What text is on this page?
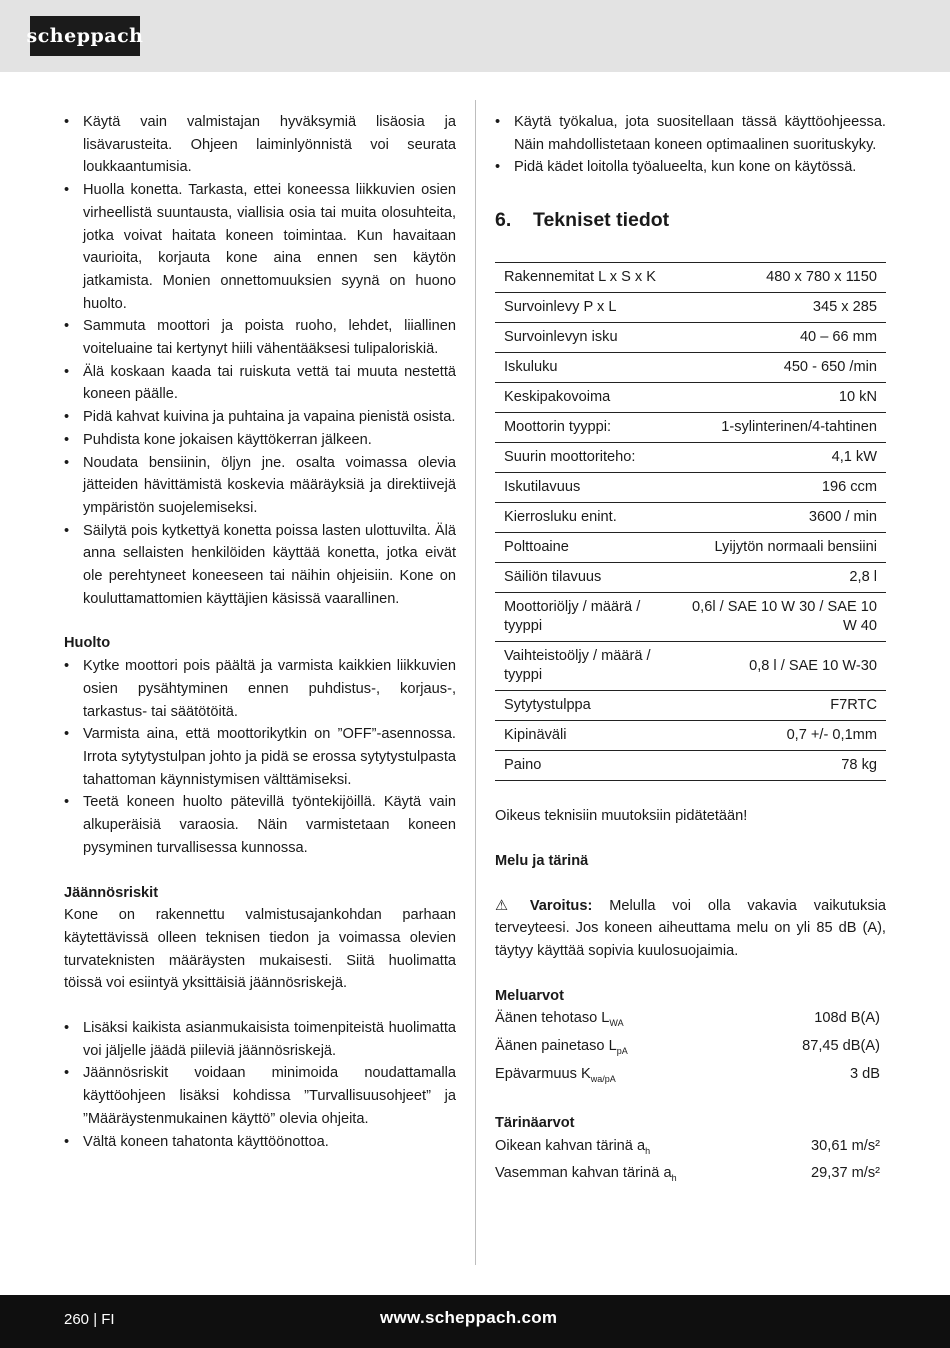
scheppach
• Käytä vain valmistajan hyväksymiä lisäosia ja lisävarusteita. Ohjeen laiminlyönnistä voi seurata loukkaantumisia.
• Huolla konetta. Tarkasta, ettei koneessa liikkuvien osien virheellistä suuntausta, viallisia osia tai muita olosuhteita, jotka voivat haitata koneen toimintaa. Kun havaitaan vaurioita, korjauta kone aina ennen sen käytön jatkamista. Monien onnettomuuksien syynä on huono huolto.
• Sammuta moottori ja poista ruoho, lehdet, liiallinen voiteluaine tai kertynyt hiili vähentääksesi tulipaloriskiä.
• Älä koskaan kaada tai ruiskuta vettä tai muuta nestettä koneen päälle.
• Pidä kahvat kuivina ja puhtaina ja vapaina pienistä osista.
• Puhdista kone jokaisen käyttökerran jälkeen.
• Noudata bensiinin, öljyn jne. osalta voimassa olevia jätteiden hävittämistä koskevia määräyksiä ja direktiivejä ympäristön suojelemiseksi.
• Säilytä pois kytkettyä konetta poissa lasten ulottuvilta. Älä anna sellaisten henkilöiden käyttää konetta, jotka eivät ole perehtyneet koneeseen tai näihin ohjeisiin. Kone on kouluttamattomien käyttäjien käsissä vaarallinen.

Huolto

• Kytke moottori pois päältä ja varmista kaikkien liikkuvien osien pysähtyminen ennen puhdistus-, korjaus-, tarkastus- tai säätötöitä.
• Varmista aina, että moottorikytkin on ”OFF”-asennossa. Irrota sytytystulpan johto ja pidä se erossa sytytystulpasta tahattoman käynnistymisen välttämiseksi.
• Teetä koneen huolto pätevillä työntekijöillä. Käytä vain alkuperäisiä varaosia. Näin varmistetaan koneen pysyminen turvallisessa kunnossa.

Jäännösriskit

Kone on rakennettu valmistusajankohdan parhaan käytettävissä olleen teknisen tiedon ja voimassa olevien turvateknisten määräysten mukaisesti. Siitä huolimatta töissä voi esiintyä yksittäisiä jäännösriskejä.

• Lisäksi kaikista asianmukaisista toimenpiteistä huolimatta voi jäljelle jäädä piileviä jäännösriskejä.
• Jäännösriskit voidaan minimoida noudattamalla käyttöohjeen lisäksi kohdissa ”Turvallisuusohjeet” ja ”Määräystenmukainen käyttö” olevia ohjeita.
• Vältä koneen tahatonta käyttöönottoa.
• Käytä työkalua, jota suositellaan tässä käyttöohjeessa. Näin mahdollistetaan koneen optimaalinen suorituskyky.
• Pidä kädet loitolla työalueelta, kun kone on käytössä.
6. Tekniset tiedot
Rakennemitat L x S x K	480 x 780 x 1150
Survoinlevy P x L	345 x 285
Survoinlevyn isku	40 – 66 mm
Iskuluku	450 - 650 /min
Keskipakovoima	10 kN
Moottorin tyyppi:	1-sylinterinen/4-tahtinen
Suurin moottoriteho:	4,1 kW
Iskutilavuus	196 ccm
Kierrosluku enint.	3600 / min
Polttoaine	Lyijytön normaali bensiini
Säiliön tilavuus	2,8 l
Moottoriöljy / määrä / tyyppi	0,6l / SAE 10 W 30 / SAE 10 W 40
Vaihteistoöljy / määrä / tyyppi	0,8 l / SAE 10 W-30
Sytytystulppa	F7RTC
Kipinäväli	0,7 +/- 0,1mm
Paino	78 kg

Oikeus teknisiin muutoksiin pidätetään!

Melu ja tärinä

⚠ Varoitus: Melulla voi olla vakavia vaikutuksia terveyteesi. Jos koneen aiheuttama melu on yli 85 dB (A), täytyy käyttää sopivia kuulosuojaimia.

Meluarvot

Äänen tehotaso $L_{WA}$	108d B(A)
Äänen painetaso $L_{pA}$	87,45 dB(A)
Epävarmuus $K_{wa/pA}$	3 dB

Tärinäarvot

Oikean kahvan tärinä $a_h$	30,61 m/s²
Vasemman kahvan tärinä $a_h$	29,37 m/s²
260 | FI	www.scheppach.com
